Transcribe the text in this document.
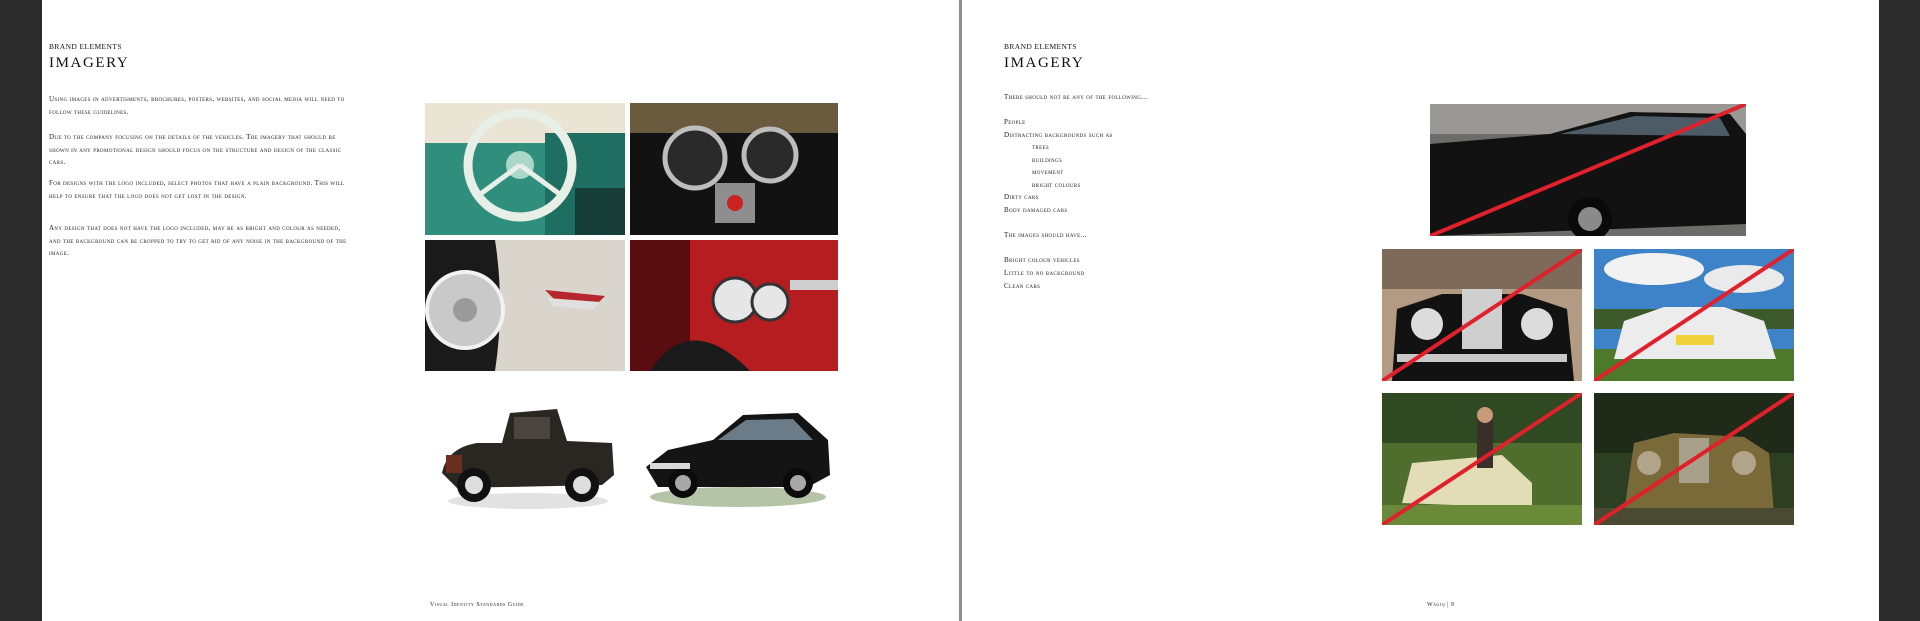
BRAND ELEMENTS
IMAGERY
Using images in advertisments, brochures, posters, websites, and social media will need to follow these guidelines.
Due to the company focusing on the details of the vehicles. The imagery that should be shown in any promotional design should focus on the structure and design of the classic cars.
For designs with the logo included, select photos that have a plain background. This will help to ensure that the logo does not get lost in the design.
Any design that does not have the logo included, may be as bright and colour as needed, and the background can be cropped to try to get rid of any noise in the background of the image.
Visual Identity Standards Guide
BRAND ELEMENTS
IMAGERY
There should not be any of the following...
People
Distracting backgrounds such as
trees
buildings
movement
bright colours
Dirty cars
Body damaged cars
The images should have...
Bright colour vehicles
Little to no background
Clean cars
Wagiq | 9
